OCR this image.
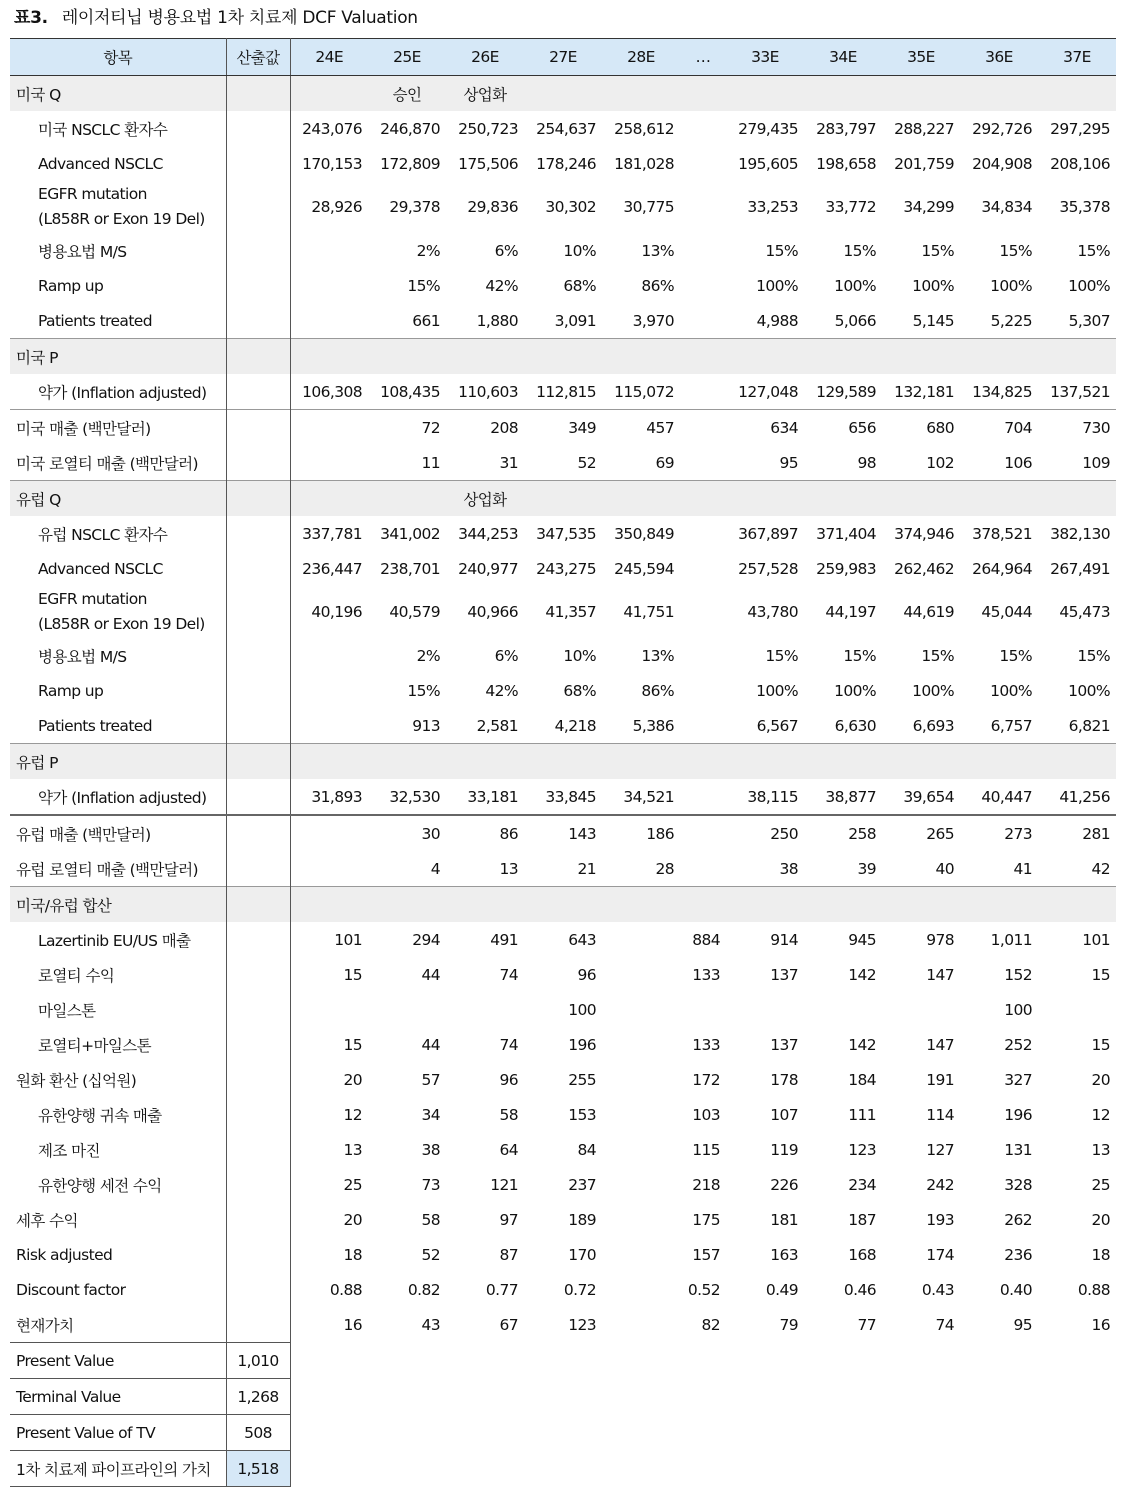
표3. 레이저티닙 병용요법 1차 치료제 DCF Valuation
항목	산출값	24E	25E	26E	27E	28E	…	33E	34E	35E	36E	37E
미국 Q			승인	상업화								
미국 NSCLC 환자수		243,076	246,870	250,723	254,637	258,612		279,435	283,797	288,227	292,726	297,295
Advanced NSCLC		170,153	172,809	175,506	178,246	181,028		195,605	198,658	201,759	204,908	208,106

EGFR mutation
(L858R or Exon 19 Del)		28,926	29,378	29,836	30,302	30,775		33,253	33,772	34,299	34,834	35,378
병용요법 M/S			2%	6%	10%	13%		15%	15%	15%	15%	15%
Ramp up			15%	42%	68%	86%		100%	100%	100%	100%	100%
Patients treated			661	1,880	3,091	3,970		4,988	5,066	5,145	5,225	5,307
미국 P												
약가 (Inflation adjusted)		106,308	108,435	110,603	112,815	115,072		127,048	129,589	132,181	134,825	137,521
미국 매출 (백만달러)			72	208	349	457		634	656	680	704	730
미국 로열티 매출 (백만달러)			11	31	52	69		95	98	102	106	109
유럽 Q				상업화								
유럽 NSCLC 환자수		337,781	341,002	344,253	347,535	350,849		367,897	371,404	374,946	378,521	382,130
Advanced NSCLC		236,447	238,701	240,977	243,275	245,594		257,528	259,983	262,462	264,964	267,491

EGFR mutation
(L858R or Exon 19 Del)		40,196	40,579	40,966	41,357	41,751		43,780	44,197	44,619	45,044	45,473
병용요법 M/S			2%	6%	10%	13%		15%	15%	15%	15%	15%
Ramp up			15%	42%	68%	86%		100%	100%	100%	100%	100%
Patients treated			913	2,581	4,218	5,386		6,567	6,630	6,693	6,757	6,821
유럽 P												
약가 (Inflation adjusted)		31,893	32,530	33,181	33,845	34,521		38,115	38,877	39,654	40,447	41,256
유럽 매출 (백만달러)			30	86	143	186		250	258	265	273	281
유럽 로열티 매출 (백만달러)			4	13	21	28		38	39	40	41	42
미국/유럽 합산												
Lazertinib EU/US 매출		101	294	491	643		884	914	945	978	1,011	101
로열티 수익		15	44	74	96		133	137	142	147	152	15
마일스톤					100						100	
로열티+마일스톤		15	44	74	196		133	137	142	147	252	15
원화 환산 (십억원)		20	57	96	255		172	178	184	191	327	20
유한양행 귀속 매출		12	34	58	153		103	107	111	114	196	12
제조 마진		13	38	64	84		115	119	123	127	131	13
유한양행 세전 수익		25	73	121	237		218	226	234	242	328	25
세후 수익		20	58	97	189		175	181	187	193	262	20
Risk adjusted		18	52	87	170		157	163	168	174	236	18
Discount factor		0.88	0.82	0.77	0.72		0.52	0.49	0.46	0.43	0.40	0.88
현재가치		16	43	67	123		82	79	77	74	95	16
Present Value	1,010											
Terminal Value	1,268											
Present Value of TV	508											
1차 치료제 파이프라인의 가치	1,518											
